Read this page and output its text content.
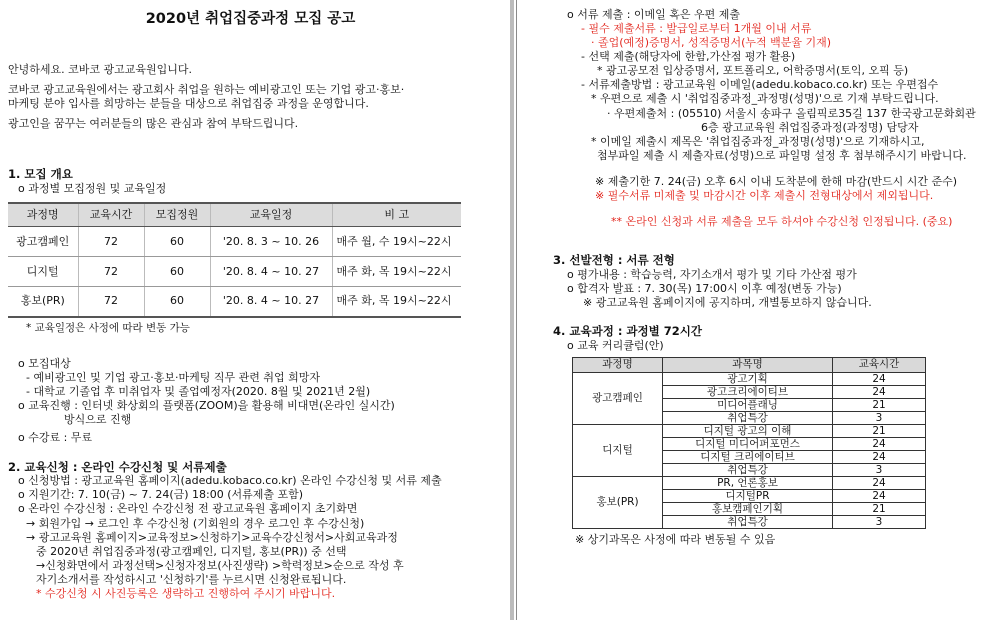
2020년 취업집중과정 모집 공고

안녕하세요. 코바코 광고교육원입니다.

코바코 광고교육원에서는 광고회사 취업을 원하는 예비광고인 또는 기업 광고·홍보·

마케팅 분야 입사를 희망하는 분들을 대상으로 취업집중 과정을 운영합니다.

광고인을 꿈꾸는 여러분들의 많은 관심과 참여 부탁드립니다.

1. 모집 개요

o 과정별 모집정원 및 교육일정

과정명	교육시간	모집정원	교육일정	비 고
광고캠페인	72	60	'20. 8. 3 ~ 10. 26	매주 월, 수 19시~22시
디지털	72	60	'20. 8. 4 ~ 10. 27	매주 화, 목 19시~22시
홍보(PR)	72	60	'20. 8. 4 ~ 10. 27	매주 화, 목 19시~22시

* 교육일정은 사정에 따라 변동 가능

o 모집대상

- 예비광고인 및 기업 광고·홍보·마케팅 직무 관련 취업 희망자

- 대학교 기졸업 후 미취업자 및 졸업예정자(2020. 8월 및 2021년 2월)

o 교육진행 : 인터넷 화상회의 플랫폼(ZOOM)을 활용해 비대면(온라인 실시간)

방식으로 진행

o 수강료 : 무료

2. 교육신청 : 온라인 수강신청 및 서류제출

o 신청방법 : 광고교육원 홈페이지(adedu.kobaco.co.kr) 온라인 수강신청 및 서류 제출

o 지원기간: 7. 10(금) ~ 7. 24(금) 18:00 (서류제출 포함)

o 온라인 수강신청 : 온라인 수강신청 전 광고교육원 홈페이지 초기화면

→ 회원가입 → 로그인 후 수강신청 (기회원의 경우 로그인 후 수강신청)

→ 광고교육원 홈페이지>교육정보>신청하기>교육수강신청서>사회교육과정

중 2020년 취업집중과정(광고캠페인, 디지털, 홍보(PR)) 중 선택

→신청화면에서 과정선택>신청자정보(사진생략) >학력정보>순으로 작성 후

자기소개서를 작성하시고 '신청하기'를 누르시면 신청완료됩니다.

* 수강신청 시 사진등록은 생략하고 진행하여 주시기 바랍니다.

o 서류 제출 : 이메일 혹은 우편 제출

- 필수 제출서류 : 발급일로부터 1개월 이내 서류

· 졸업(예정)증명서, 성적증명서(누적 백분율 기재)

- 선택 제출(해당자에 한함,가산점 평가 활용)

* 광고공모전 입상증명서, 포트폴리오, 어학증명서(토익, 오픽 등)

- 서류제출방법 : 광고교육원 이메일(adedu.kobaco.co.kr) 또는 우편접수

* 우편으로 제출 시 '취업집중과정_과정명(성명)'으로 기재 부탁드립니다.

· 우편제출처 : (05510) 서울시 송파구 올림픽로35길 137 한국광고문화회관

6층 광고교육원 취업집중과정(과정명) 담당자

* 이메일 제출시 제목은 '취업집중과정_과정명(성명)'으로 기재하시고,

첨부파일 제출 시 제출자료(성명)으로 파일명 설정 후 첨부해주시기 바랍니다.

※ 제출기한 7. 24(금) 오후 6시 이내 도착분에 한해 마감(반드시 시간 준수)

※ 필수서류 미제출 및 마감시간 이후 제출시 전형대상에서 제외됩니다.

** 온라인 신청과 서류 제출을 모두 하셔야 수강신청 인정됩니다. (중요)

3. 선발전형 : 서류 전형

o 평가내용 : 학습능력, 자기소개서 평가 및 기타 가산점 평가

o 합격자 발표 : 7. 30(목) 17:00시 이후 예정(변동 가능)

※ 광고교육원 홈페이지에 공지하며, 개별통보하지 않습니다.

4. 교육과정 : 과정별 72시간

o 교육 커리큘럼(안)

과정명	과목명	교육시간
광고캠페인	광고기획	24
	광고크리에이티브	24
	미디어플래닝	21
	취업특강	3
디지털	디지털 광고의 이해	21
	디지털 미디어퍼포먼스	24
	디지털 크리에이티브	24
	취업특강	3
홍보(PR)	PR, 언론홍보	24
	디지털PR	24
	홍보캠페인기획	21
	취업특강	3

※ 상기과목은 사정에 따라 변동될 수 있음
